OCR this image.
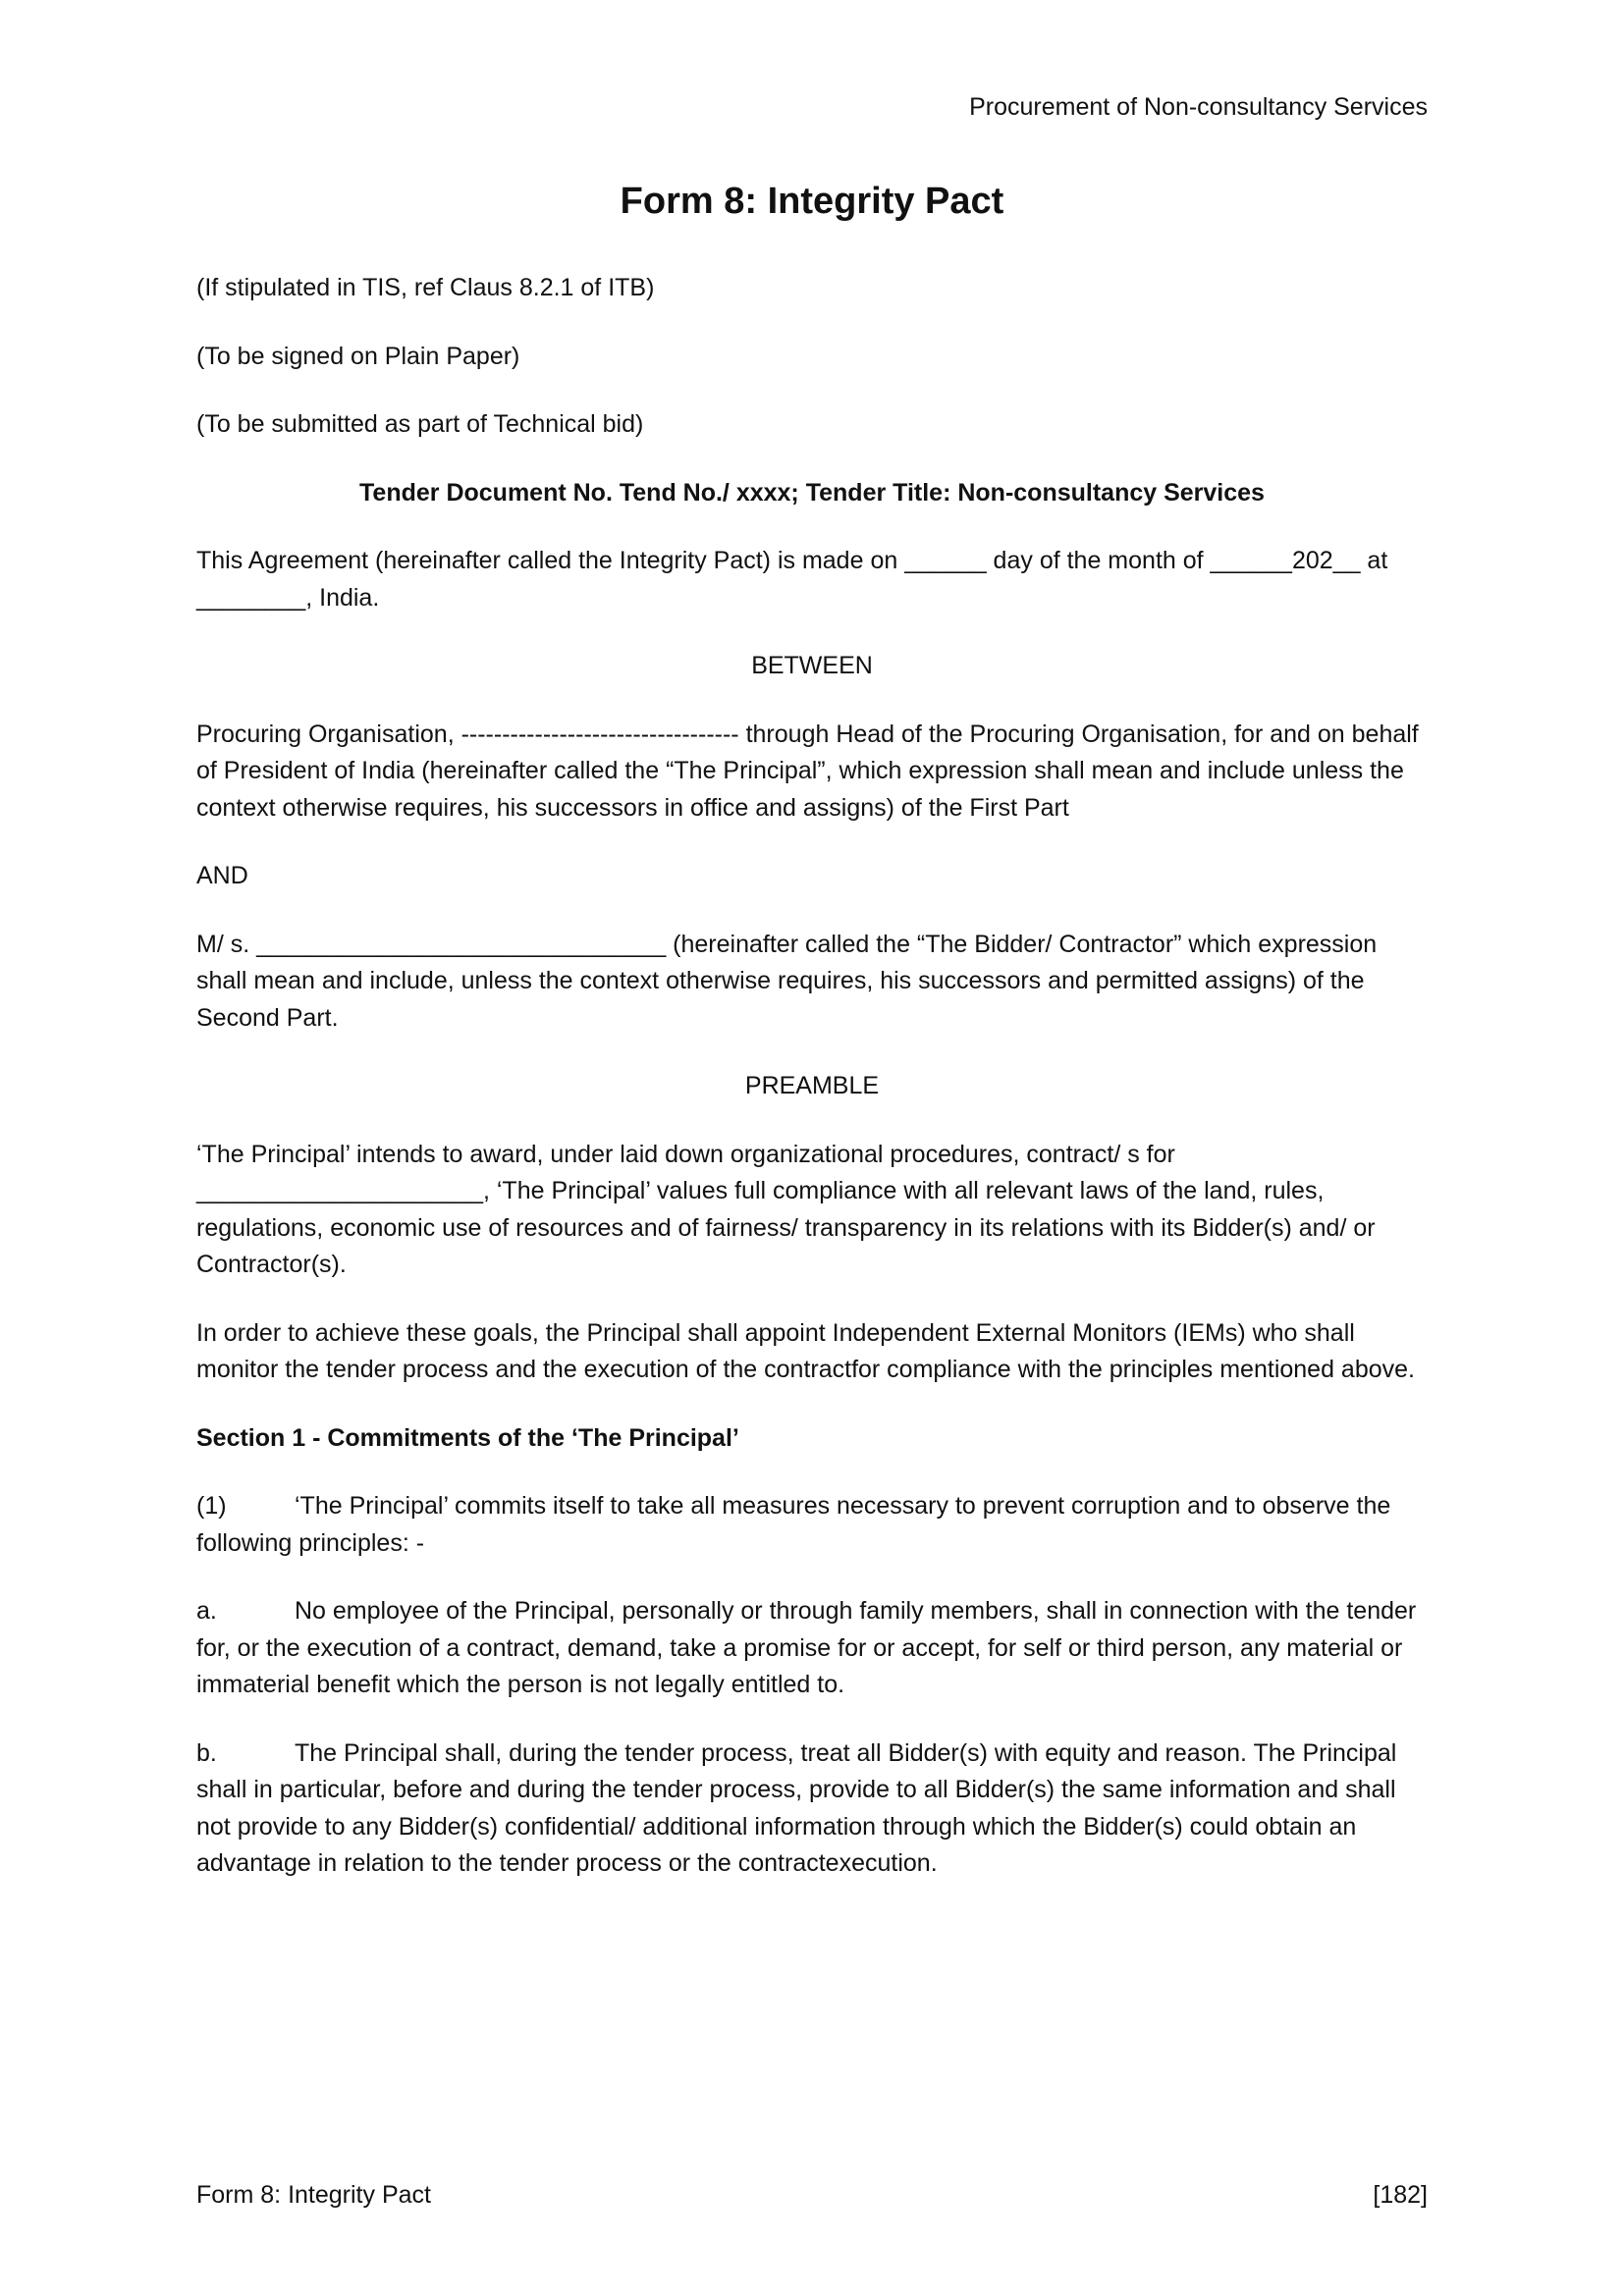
Procurement of Non-consultancy Services
Form 8: Integrity Pact

(If stipulated in TIS, ref Claus 8.2.1 of ITB)

(To be signed on Plain Paper)

(To be submitted as part of Technical bid)

Tender Document No. Tend No./ xxxx; Tender Title: Non-consultancy Services

This Agreement (hereinafter called the Integrity Pact) is made on ______ day of the month of ______202__ at ________, India.

BETWEEN

Procuring Organisation, ---------------------------------- through Head of the Procuring Organisation, for and on behalf of President of India (hereinafter called the “The Principal”, which expression shall mean and include unless the context otherwise requires, his successors in office and assigns) of the First Part

AND

M/ s. ______________________________ (hereinafter called the “The Bidder/ Contractor” which expression shall mean and include, unless the context otherwise requires, his successors and permitted assigns) of the Second Part.

PREAMBLE

‘The Principal’ intends to award, under laid down organizational procedures, contract/ s for _____________________, ‘The Principal’ values full compliance with all relevant laws of the land, rules, regulations, economic use of resources and of fairness/ transparency in its relations with its Bidder(s) and/ or Contractor(s).

In order to achieve these goals, the Principal shall appoint Independent External Monitors (IEMs) who shall monitor the tender process and the execution of the contractfor compliance with the principles mentioned above.

Section 1 - Commitments of the ‘The Principal’

(1)	‘The Principal’ commits itself to take all measures necessary to prevent corruption and to observe the following principles: -

a.	No employee of the Principal, personally or through family members, shall in connection with the tender for, or the execution of a contract, demand, take a promise for or accept, for self or third person, any material or immaterial benefit which the person is not legally entitled to.

b.	The Principal shall, during the tender process, treat all Bidder(s) with equity and reason. The Principal shall in particular, before and during the tender process, provide to all Bidder(s) the same information and shall not provide to any Bidder(s) confidential/ additional information through which the Bidder(s) could obtain an advantage in relation to the tender process or the contractexecution.

Form 8: Integrity Pact	[182]
